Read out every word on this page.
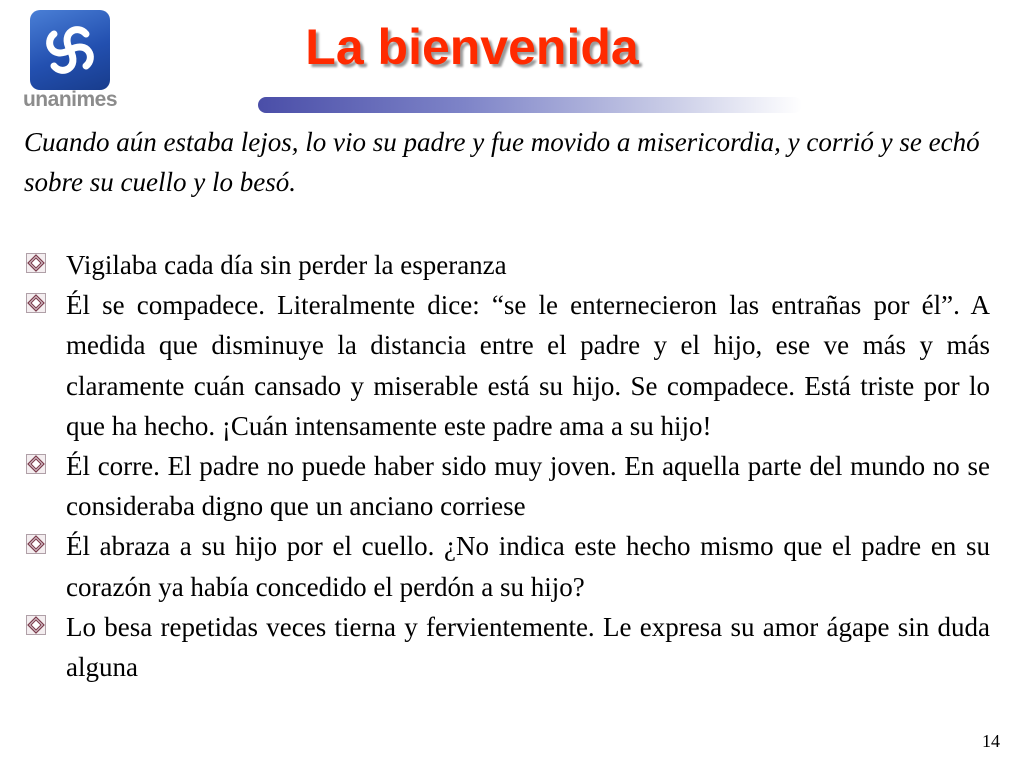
unanimes
La bienvenida

Cuando aún estaba lejos, lo vio su padre y fue movido a misericordia, y corrió y se echó sobre su cuello y lo besó.

Vigilaba cada día sin perder la esperanza
Él se compadece. Literalmente dice: “se le enternecieron las entrañas por él”. A medida que disminuye la distancia entre el padre y el hijo, ese ve más y más claramente cuán cansado y miserable está su hijo. Se compadece. Está triste por lo que ha hecho. ¡Cuán intensamente este padre ama a su hijo!
Él corre. El padre no puede haber sido muy joven. En aquella parte del mundo no se consideraba digno que un anciano corriese
Él abraza a su hijo por el cuello. ¿No indica este hecho mismo que el padre en su corazón ya había concedido el perdón a su hijo?
Lo besa repetidas veces tierna y fervientemente. Le expresa su amor ágape sin duda alguna
14
